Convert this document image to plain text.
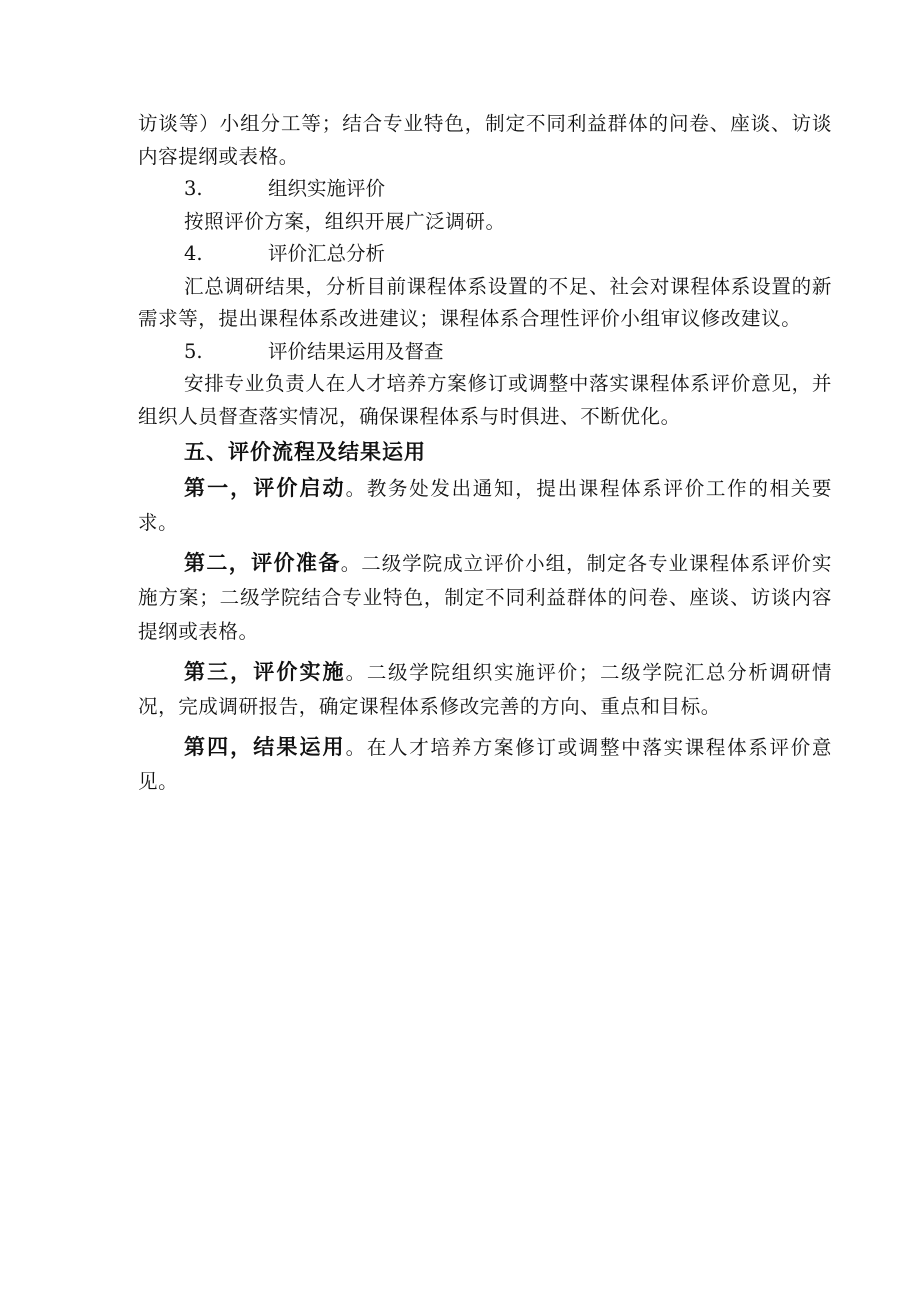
访谈等）小组分工等；结合专业特色，制定不同利益群体的问卷、座谈、访谈内容提纲或表格。

3.	组织实施评价

按照评价方案，组织开展广泛调研。

4.	评价汇总分析

汇总调研结果，分析目前课程体系设置的不足、社会对课程体系设置的新需求等，提出课程体系改进建议；课程体系合理性评价小组审议修改建议。

5.	评价结果运用及督查

安排专业负责人在人才培养方案修订或调整中落实课程体系评价意见，并组织人员督查落实情况，确保课程体系与时俱进、不断优化。

五、评价流程及结果运用

第一，评价启动。教务处发出通知，提出课程体系评价工作的相关要求。

第二，评价准备。二级学院成立评价小组，制定各专业课程体系评价实施方案；二级学院结合专业特色，制定不同利益群体的问卷、座谈、访谈内容提纲或表格。

第三，评价实施。二级学院组织实施评价；二级学院汇总分析调研情况，完成调研报告，确定课程体系修改完善的方向、重点和目标。

第四，结果运用。在人才培养方案修订或调整中落实课程体系评价意见。
